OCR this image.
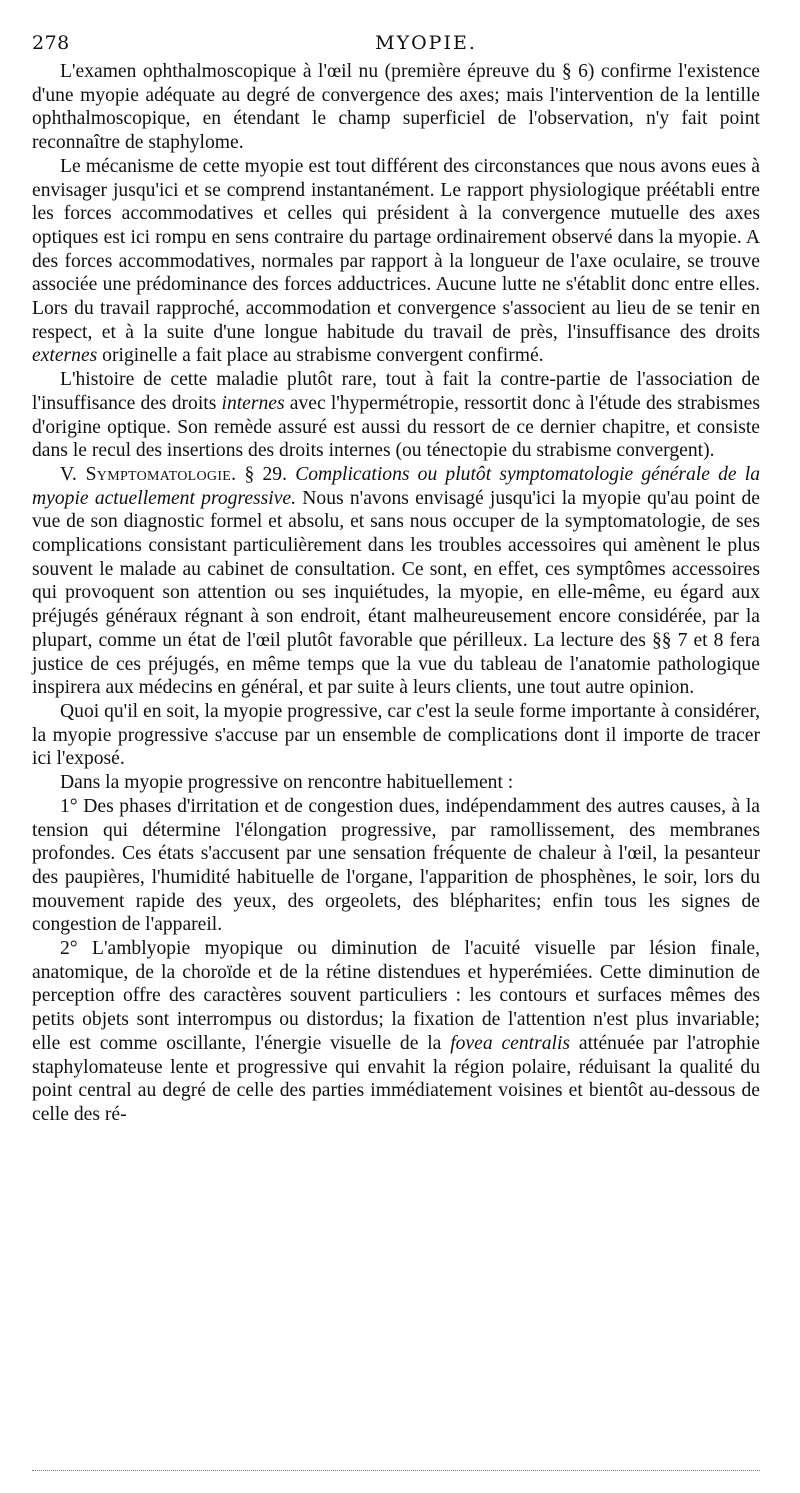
278	MYOPIE.

L'examen ophthalmoscopique à l'œil nu (première épreuve du § 6) confirme l'existence d'une myopie adéquate au degré de convergence des axes; mais l'intervention de la lentille ophthalmoscopique, en étendant le champ superficiel de l'observation, n'y fait point reconnaître de staphylome.

Le mécanisme de cette myopie est tout différent des circonstances que nous avons eues à envisager jusqu'ici et se comprend instantanément. Le rapport physiologique préétabli entre les forces accommodatives et celles qui président à la convergence mutuelle des axes optiques est ici rompu en sens contraire du partage ordinairement observé dans la myopie. A des forces accommodatives, normales par rapport à la longueur de l'axe oculaire, se trouve associée une prédominance des forces adductrices. Aucune lutte ne s'établit donc entre elles. Lors du travail rapproché, accommodation et convergence s'associent au lieu de se tenir en respect, et à la suite d'une longue habitude du travail de près, l'insuffisance des droits externes originelle a fait place au strabisme convergent confirmé.

L'histoire de cette maladie plutôt rare, tout à fait la contre-partie de l'association de l'insuffisance des droits internes avec l'hypermétropie, ressortit donc à l'étude des strabismes d'origine optique. Son remède assuré est aussi du ressort de ce dernier chapitre, et consiste dans le recul des insertions des droits internes (ou ténectopie du strabisme convergent).

V. Symptomatologie. § 29. Complications ou plutôt symptomatologie générale de la myopie actuellement progressive. Nous n'avons envisagé jusqu'ici la myopie qu'au point de vue de son diagnostic formel et absolu, et sans nous occuper de la symptomatologie, de ses complications consistant particulièrement dans les troubles accessoires qui amènent le plus souvent le malade au cabinet de consultation. Ce sont, en effet, ces symptômes accessoires qui provoquent son attention ou ses inquiétudes, la myopie, en elle-même, eu égard aux préjugés généraux régnant à son endroit, étant malheureusement encore considérée, par la plupart, comme un état de l'œil plutôt favorable que périlleux. La lecture des §§ 7 et 8 fera justice de ces préjugés, en même temps que la vue du tableau de l'anatomie pathologique inspirera aux médecins en général, et par suite à leurs clients, une tout autre opinion.

Quoi qu'il en soit, la myopie progressive, car c'est la seule forme importante à considérer, la myopie progressive s'accuse par un ensemble de complications dont il importe de tracer ici l'exposé.

Dans la myopie progressive on rencontre habituellement :

1° Des phases d'irritation et de congestion dues, indépendamment des autres causes, à la tension qui détermine l'élongation progressive, par ramollissement, des membranes profondes. Ces états s'accusent par une sensation fréquente de chaleur à l'œil, la pesanteur des paupières, l'humidité habituelle de l'organe, l'apparition de phosphènes, le soir, lors du mouvement rapide des yeux, des orgeolets, des blépharites; enfin tous les signes de congestion de l'appareil.

2° L'amblyopie myopique ou diminution de l'acuité visuelle par lésion finale, anatomique, de la choroïde et de la rétine distendues et hyperémiées. Cette diminution de perception offre des caractères souvent particuliers : les contours et surfaces mêmes des petits objets sont interrompus ou distordus; la fixation de l'attention n'est plus invariable; elle est comme oscillante, l'énergie visuelle de la fovea centralis atténuée par l'atrophie staphylomateuse lente et progressive qui envahit la région polaire, réduisant la qualité du point central au degré de celle des parties immédiatement voisines et bientôt au-dessous de celle des ré-
